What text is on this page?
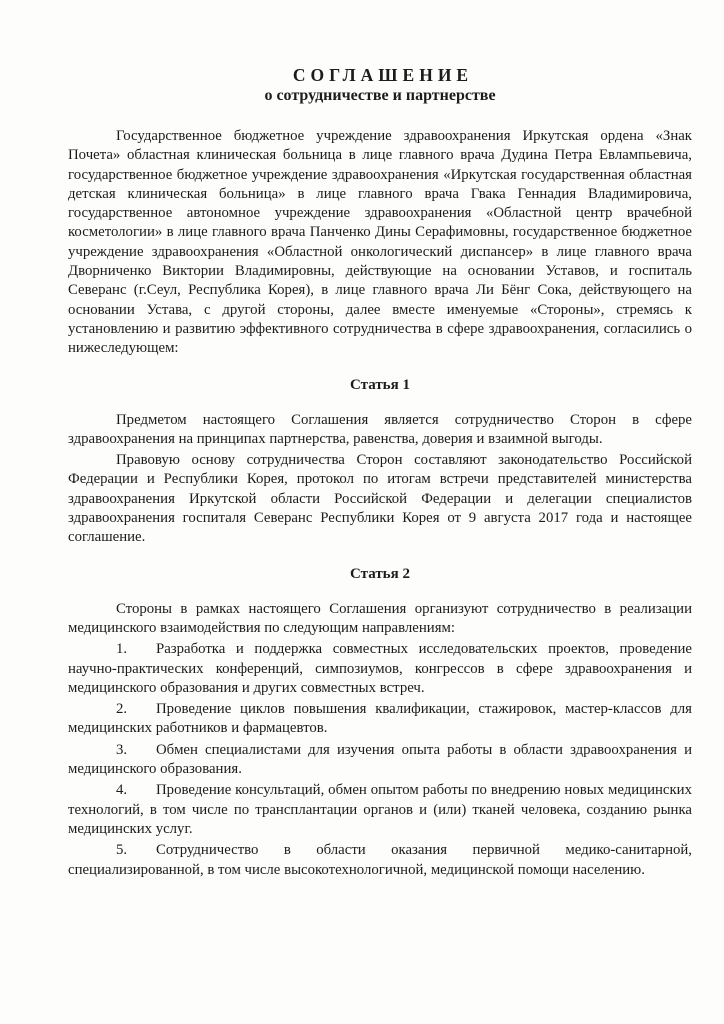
СОГЛАШЕНИЕ
о сотрудничестве и партнерстве

Государственное бюджетное учреждение здравоохранения Иркутская ордена «Знак Почета» областная клиническая больница в лице главного врача Дудина Петра Евлампьевича, государственное бюджетное учреждение здравоохранения «Иркутская государственная областная детская клиническая больница» в лице главного врача Гвака Геннадия Владимировича, государственное автономное учреждение здравоохранения «Областной центр врачебной косметологии» в лице главного врача Панченко Дины Серафимовны, государственное бюджетное учреждение здравоохранения «Областной онкологический диспансер» в лице главного врача Дворниченко Виктории Владимировны, действующие на основании Уставов, и госпиталь Северанс (г.Сеул, Республика Корея), в лице главного врача Ли Бёнг Сока, действующего на основании Устава, с другой стороны, далее вместе именуемые «Стороны», стремясь к установлению и развитию эффективного сотрудничества в сфере здравоохранения, согласились о нижеследующем:

Статья 1

Предметом настоящего Соглашения является сотрудничество Сторон в сфере здравоохранения на принципах партнерства, равенства, доверия и взаимной выгоды.

Правовую основу сотрудничества Сторон составляют законодательство Российской Федерации и Республики Корея, протокол по итогам встречи представителей министерства здравоохранения Иркутской области Российской Федерации и делегации специалистов здравоохранения госпиталя Северанс Республики Корея от 9 августа 2017 года и настоящее соглашение.

Статья 2

Стороны в рамках настоящего Соглашения организуют сотрудничество в реализации медицинского взаимодействия по следующим направлениям:

1. Разработка и поддержка совместных исследовательских проектов, проведение научно-практических конференций, симпозиумов, конгрессов в сфере здравоохранения и медицинского образования и других совместных встреч.

2. Проведение циклов повышения квалификации, стажировок, мастер-классов для медицинских работников и фармацевтов.

3. Обмен специалистами для изучения опыта работы в области здравоохранения и медицинского образования.

4. Проведение консультаций, обмен опытом работы по внедрению новых медицинских технологий, в том числе по трансплантации органов и (или) тканей человека, созданию рынка медицинских услуг.

5. Сотрудничество в области оказания первичной медико-санитарной, специализированной, в том числе высокотехнологичной, медицинской помощи населению.
